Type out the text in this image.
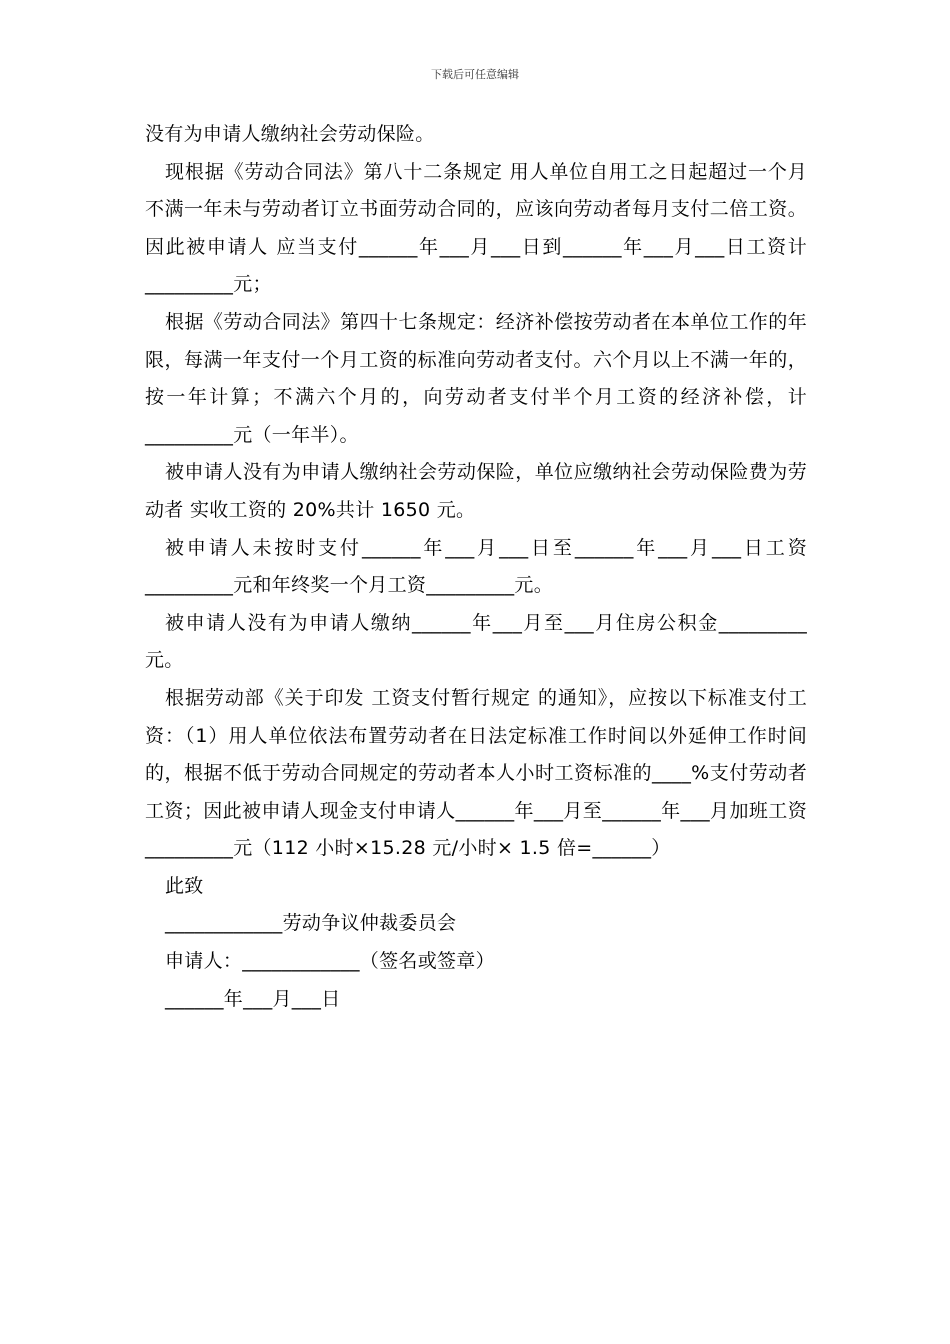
下载后可任意编辑

没有为申请人缴纳社会劳动保险。

现根据《劳动合同法》第八十二条规定 用人单位自用工之日起超过一个月不满一年未与劳动者订立书面劳动合同的，应该向劳动者每月支付二倍工资。因此被申请人 应当支付______年___月___日到______年___月___日工资计_________元；

根据《劳动合同法》第四十七条规定：经济补偿按劳动者在本单位工作的年限，每满一年支付一个月工资的标准向劳动者支付。六个月以上不满一年的，按一年计算；不满六个月的，向劳动者支付半个月工资的经济补偿，计_________元（一年半）。

被申请人没有为申请人缴纳社会劳动保险，单位应缴纳社会劳动保险费为劳动者 实收工资的 20%共计 1650 元。

被申请人未按时支付______年___月___日至______年___月___日工资_________元和年终奖一个月工资_________元。

被申请人没有为申请人缴纳______年___月至___月住房公积金_________元。

根据劳动部《关于印发 工资支付暂行规定 的通知》，应按以下标准支付工资：（1）用人单位依法布置劳动者在日法定标准工作时间以外延伸工作时间的，根据不低于劳动合同规定的劳动者本人小时工资标准的____%支付劳动者工资；因此被申请人现金支付申请人______年___月至______年___月加班工资_________元（112 小时×15.28 元/小时× 1.5 倍=______）

此致

____________劳动争议仲裁委员会

申请人：____________（签名或签章）

______年___月___日
